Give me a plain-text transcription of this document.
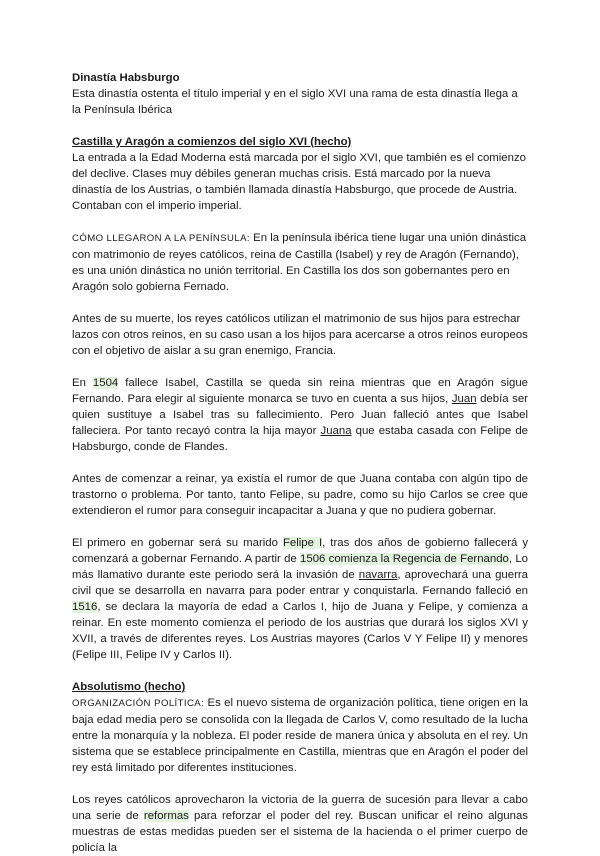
Dinastía Habsburgo

Esta dinastía ostenta el título imperial y en el siglo XVI una rama de esta dinastía llega a la Península Ibérica

Castilla y Aragón a comienzos del siglo XVI (hecho)

La entrada a la Edad Moderna está marcada por el siglo XVI, que también es el comienzo del declive. Clases muy débiles generan muchas crisis. Está marcado por la nueva dinastía de los Austrias, o también llamada dinastía Habsburgo, que procede de Austria. Contaban con el imperio imperial.

CÓMO LLEGARON A LA PENÍNSULA: En la península ibérica tiene lugar una unión dinástica con matrimonio de reyes católicos, reina de Castilla (Isabel) y rey de Aragón (Fernando), es una unión dinástica no unión territorial. En Castilla los dos son gobernantes pero en Aragón solo gobierna Fernado.

Antes de su muerte, los reyes católicos utilizan el matrimonio de sus hijos para estrechar lazos con otros reinos, en su caso usan a los hijos para acercarse a otros reinos europeos con el objetivo de aislar a su gran enemigo, Francia.

En 1504 fallece Isabel, Castilla se queda sin reina mientras que en Aragón sigue Fernando. Para elegir al siguiente monarca se tuvo en cuenta a sus hijos, Juan debía ser quien sustituye a Isabel tras su fallecimiento. Pero Juan falleció antes que Isabel falleciera. Por tanto recayó contra la hija mayor Juana que estaba casada con Felipe de Habsburgo, conde de Flandes.

Antes de comenzar a reinar, ya existía el rumor de que Juana contaba con algún tipo de trastorno o problema. Por tanto, tanto Felipe, su padre, como su hijo Carlos se cree que extendieron el rumor para conseguir incapacitar a Juana y que no pudiera gobernar.

El primero en gobernar será su marido Felipe I, tras dos años de gobierno fallecerá y comenzará a gobernar Fernando. A partir de 1506 comienza la Regencia de Fernando, Lo más llamativo durante este periodo será la invasión de navarra, aprovechará una guerra civil que se desarrolla en navarra para poder entrar y conquistarla. Fernando falleció en 1516, se declara la mayoría de edad a Carlos I, hijo de Juana y Felipe, y comienza a reinar. En este momento comienza el periodo de los austrias que durará los siglos XVI y XVII, a través de diferentes reyes. Los Austrias mayores (Carlos V Y Felipe II) y menores (Felipe III, Felipe IV y Carlos II).

Absolutismo (hecho)

ORGANIZACIÓN POLÍTICA: Es el nuevo sistema de organización política, tiene origen en la baja edad media pero se consolida con la llegada de Carlos V, como resultado de la lucha entre la monarquía y la nobleza. El poder reside de manera única y absoluta en el rey. Un sistema que se establece principalmente en Castilla, mientras que en Aragón el poder del rey está limitado por diferentes instituciones.

Los reyes católicos aprovecharon la victoria de la guerra de sucesión para llevar a cabo una serie de reformas para reforzar el poder del rey. Buscan unificar el reino algunas muestras de estas medidas pueden ser el sistema de la hacienda o el primer cuerpo de policía la
